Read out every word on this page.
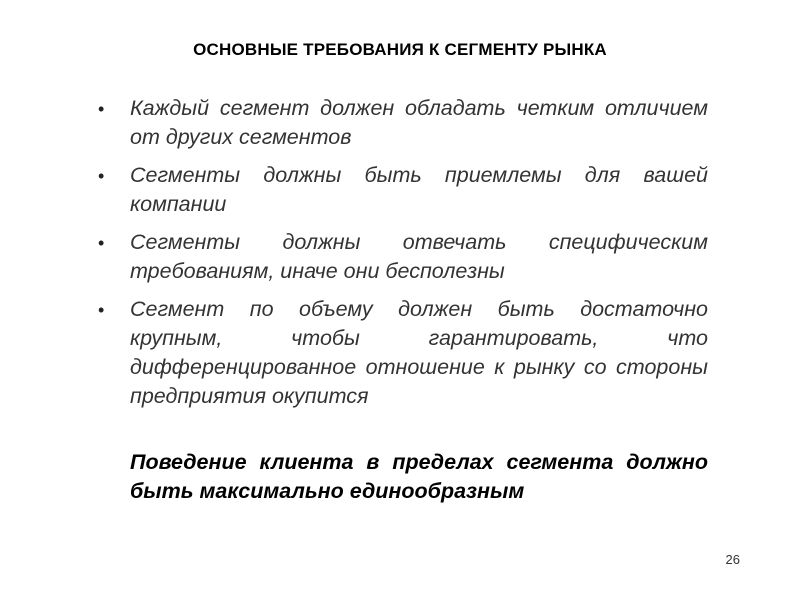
ОСНОВНЫЕ ТРЕБОВАНИЯ К СЕГМЕНТУ РЫНКА
• Каждый сегмент должен обладать четким отличием от других сегментов
• Сегменты должны быть приемлемы для вашей компании
• Сегменты должны отвечать специфическим требованиям, иначе они бесполезны
• Сегмент по объему должен быть достаточно крупным, чтобы гарантировать, что дифференцированное отношение к рынку со стороны предприятия окупится
Поведение клиента в пределах сегмента должно быть максимально единообразным
26
